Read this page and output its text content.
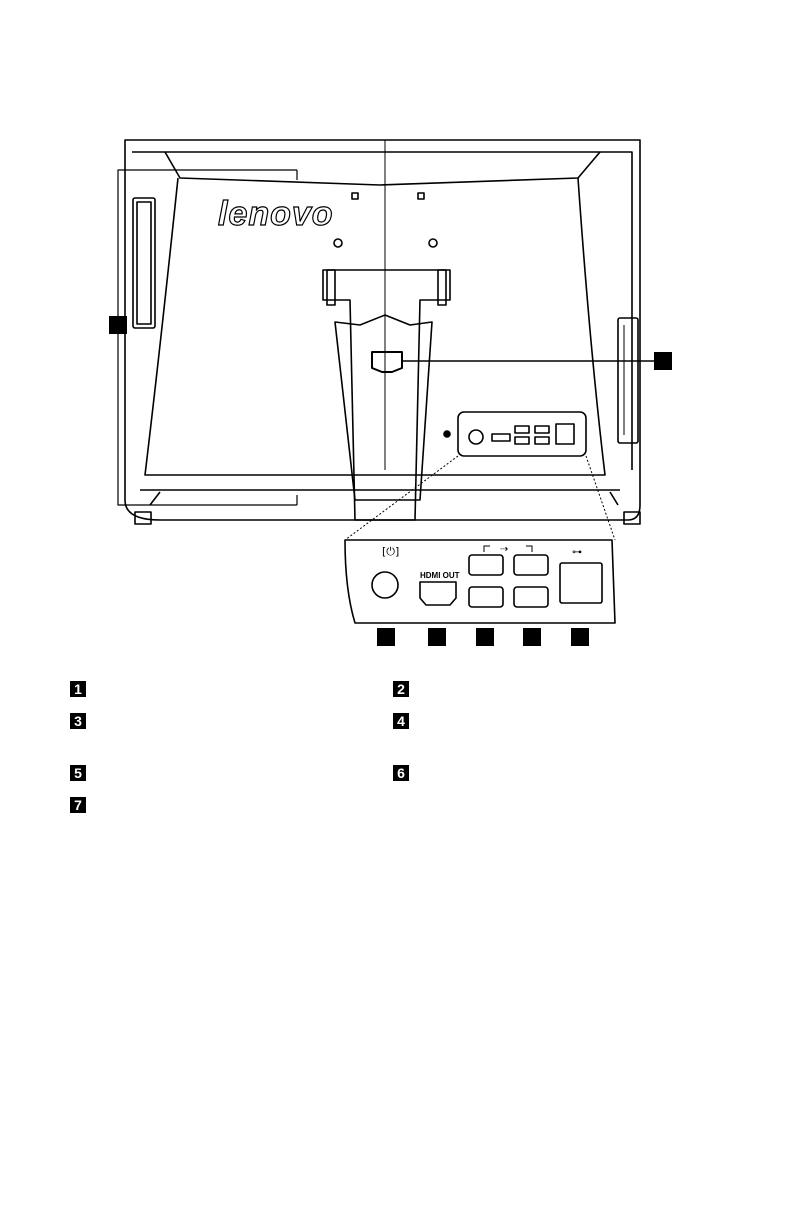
[⏻]	⇢	⊶
lenovo
HDMI OUT
1	2
3	4
5	6
7
